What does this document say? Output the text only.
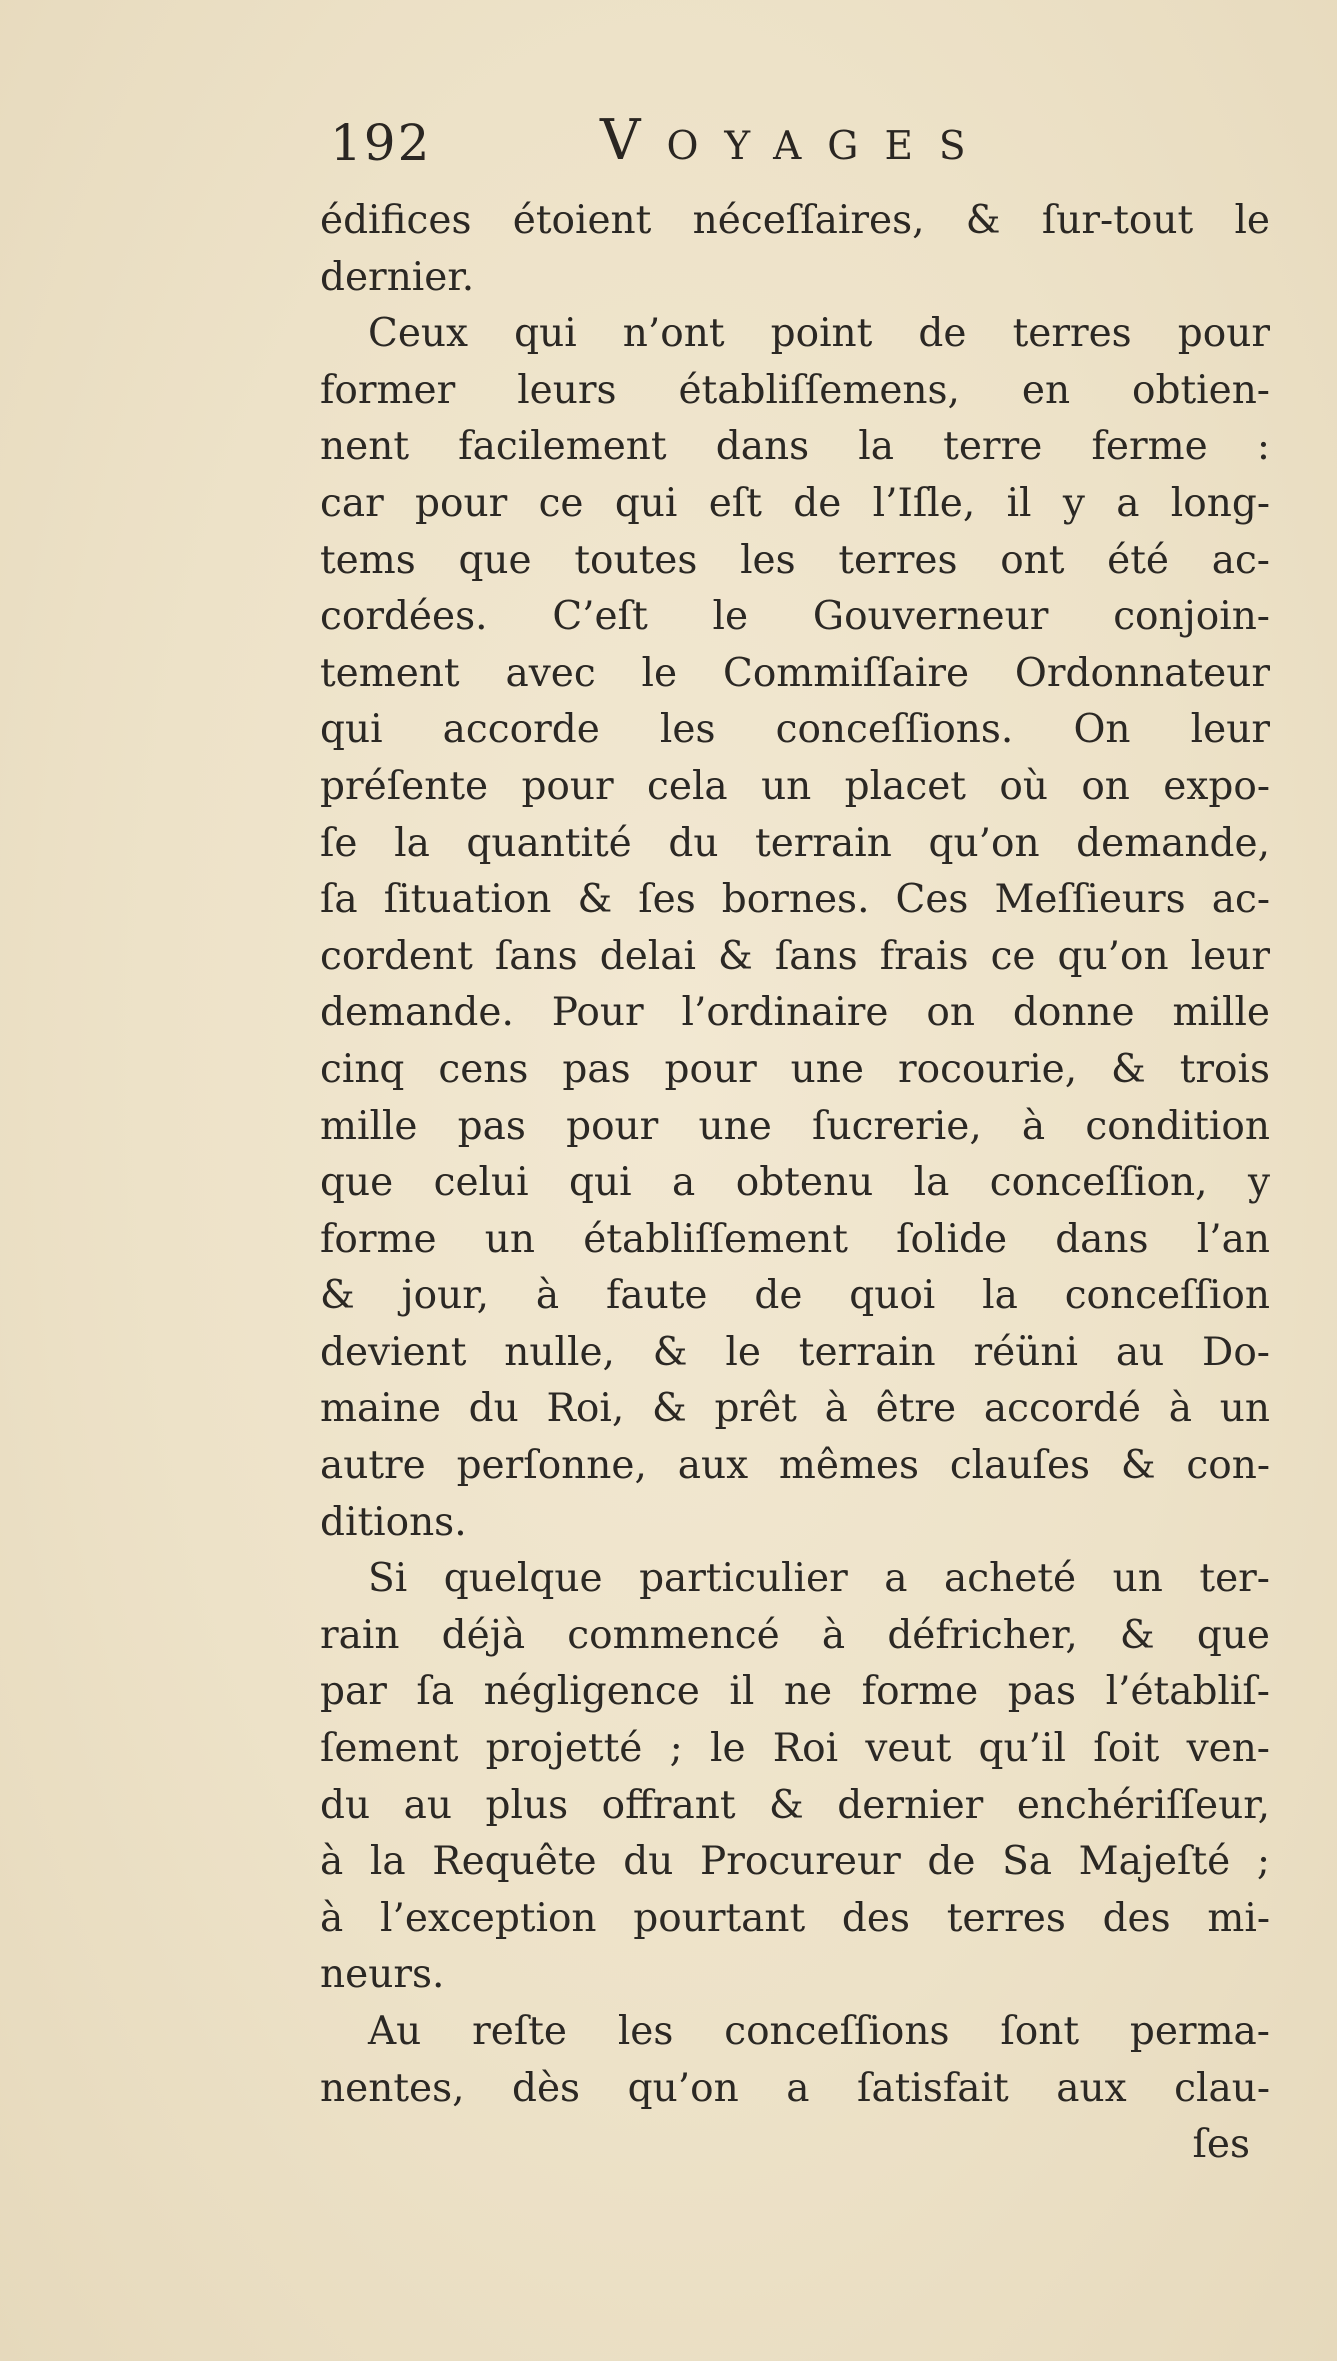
192	Voyages
édifices étoient néceſſaires, & ſur-tout le
dernier.
Ceux qui n’ont point de terres pour
former leurs établiſſemens, en obtien-
nent facilement dans la terre ferme :
car pour ce qui eſt de l’Iſle, il y a long-
tems que toutes les terres ont été ac-
cordées. C’eſt le Gouverneur conjoin-
tement avec le Commiſſaire Ordonnateur
qui accorde les conceſſions. On leur
préſente pour cela un placet où on expo-
ſe la quantité du terrain qu’on demande,
ſa ſituation & ſes bornes. Ces Meſſieurs ac-
cordent ſans delai & ſans frais ce qu’on leur
demande. Pour l’ordinaire on donne mille
cinq cens pas pour une rocourie, & trois
mille pas pour une ſucrerie, à condition
que celui qui a obtenu la conceſſion, y
forme un établiſſement ſolide dans l’an
& jour, à faute de quoi la conceſſion
devient nulle, & le terrain réüni au Do-
maine du Roi, & prêt à être accordé à un
autre perſonne, aux mêmes clauſes & con-
ditions.
Si quelque particulier a acheté un ter-
rain déjà commencé à défricher, & que
par ſa négligence il ne forme pas l’établiſ-
ſement projetté ; le Roi veut qu’il ſoit ven-
du au plus offrant & dernier enchériſſeur,
à la Requête du Procureur de Sa Majeſté ;
à l’exception pourtant des terres des mi-
neurs.
Au reſte les conceſſions ſont perma-
nentes, dès qu’on a ſatisfait aux clau-
ſes
